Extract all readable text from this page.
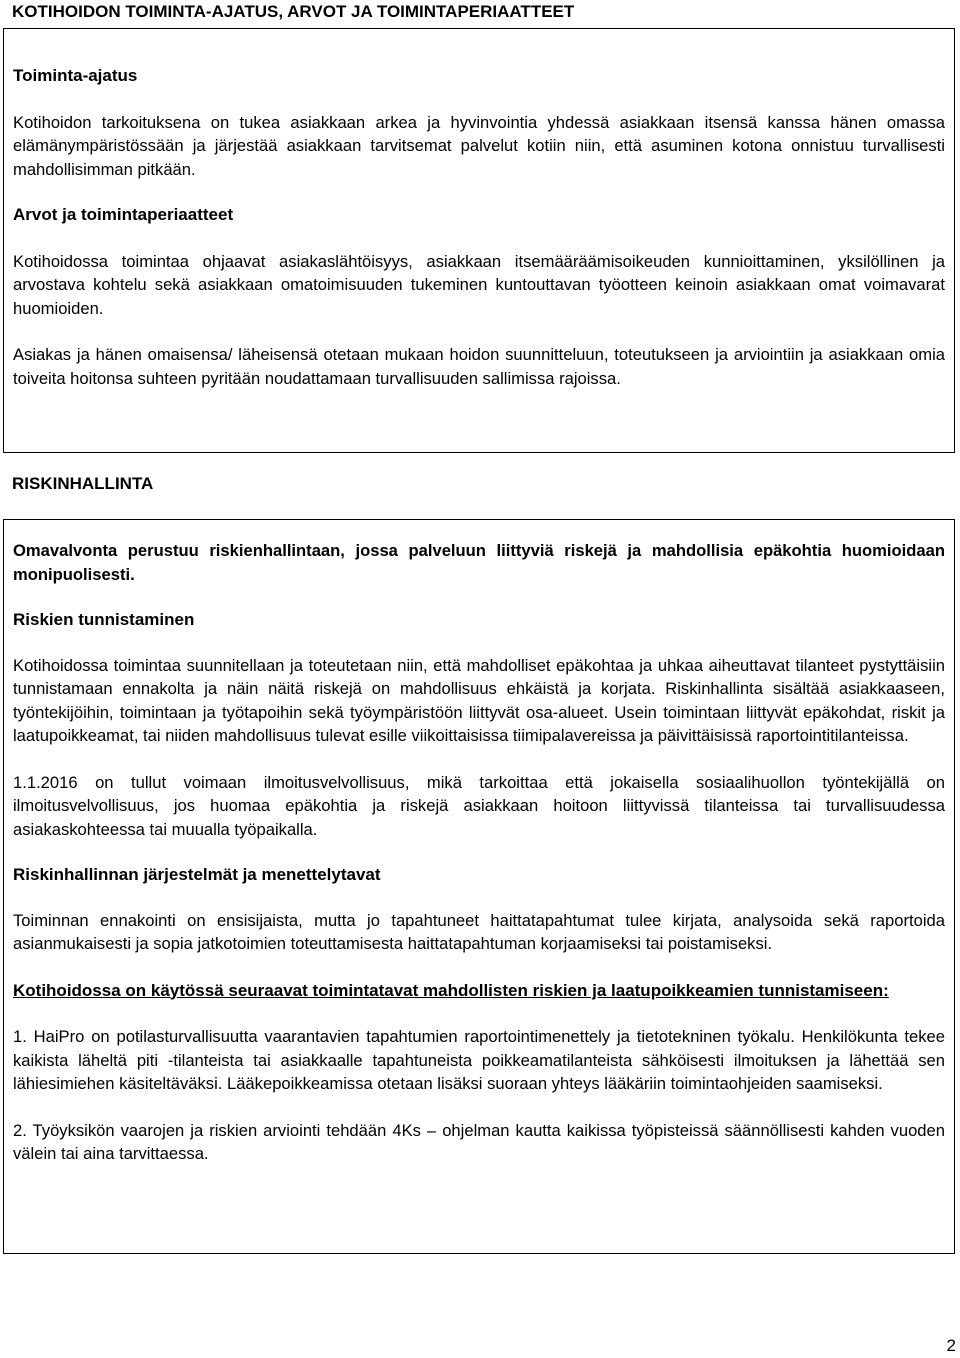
KOTIHOIDON TOIMINTA-AJATUS, ARVOT JA TOIMINTAPERIAATTEET
Toiminta-ajatus

Kotihoidon tarkoituksena on tukea asiakkaan arkea ja hyvinvointia yhdessä asiakkaan itsensä kanssa hänen omassa elämänympäristössään ja järjestää asiakkaan tarvitsemat palvelut kotiin niin, että asuminen kotona onnistuu turvallisesti mahdollisimman pitkään.

Arvot ja toimintaperiaatteet

Kotihoidossa toimintaa ohjaavat asiakaslähtöisyys, asiakkaan itsemääräämisoikeuden kunnioittaminen, yksilöllinen ja arvostava kohtelu sekä asiakkaan omatoimisuuden tukeminen kuntouttavan työotteen keinoin asiakkaan omat voimavarat huomioiden.

Asiakas ja hänen omaisensa/ läheisensä otetaan mukaan hoidon suunnitteluun, toteutukseen ja arviointiin ja asiakkaan omia toiveita hoitonsa suhteen pyritään noudattamaan turvallisuuden sallimissa rajoissa.

RISKINHALLINTA

Omavalvonta perustuu riskienhallintaan, jossa palveluun liittyviä riskejä ja mahdollisia epäkohtia huomioidaan monipuolisesti.

Riskien tunnistaminen

Kotihoidossa toimintaa suunnitellaan ja toteutetaan niin, että mahdolliset epäkohtaa ja uhkaa aiheuttavat tilanteet pystyttäisiin tunnistamaan ennakolta ja näin näitä riskejä on mahdollisuus ehkäistä ja korjata. Riskinhallinta sisältää asiakkaaseen, työntekijöihin, toimintaan ja työtapoihin sekä työympäristöön liittyvät osa-alueet. Usein toimintaan liittyvät epäkohdat, riskit ja laatupoikkeamat, tai niiden mahdollisuus tulevat esille viikoittaisissa tiimipalavereissa ja päivittäisissä raportointitilanteissa.

1.1.2016 on tullut voimaan ilmoitusvelvollisuus, mikä tarkoittaa että jokaisella sosiaalihuollon työntekijällä on ilmoitusvelvollisuus, jos huomaa epäkohtia ja riskejä asiakkaan hoitoon liittyvissä tilanteissa tai turvallisuudessa asiakaskohteessa tai muualla työpaikalla.

Riskinhallinnan järjestelmät ja menettelytavat

Toiminnan ennakointi on ensisijaista, mutta jo tapahtuneet haittatapahtumat tulee kirjata, analysoida sekä raportoida asianmukaisesti ja sopia jatkotoimien toteuttamisesta haittatapahtuman korjaamiseksi tai poistamiseksi.

Kotihoidossa on käytössä seuraavat toimintatavat mahdollisten riskien ja laatupoikkeamien tunnistamiseen:

1. HaiPro on potilasturvallisuutta vaarantavien tapahtumien raportointimenettely ja tietotekninen työkalu. Henkilökunta tekee kaikista läheltä piti -tilanteista tai asiakkaalle tapahtuneista poikkeamatilanteista sähköisesti ilmoituksen ja lähettää sen lähiesimiehen käsiteltäväksi. Lääkepoikkeamissa otetaan lisäksi suoraan yhteys lääkäriin toimintaohjeiden saamiseksi.

2. Työyksikön vaarojen ja riskien arviointi tehdään 4Ks – ohjelman kautta kaikissa työpisteissä säännöllisesti kahden vuoden välein tai aina tarvittaessa.

2
